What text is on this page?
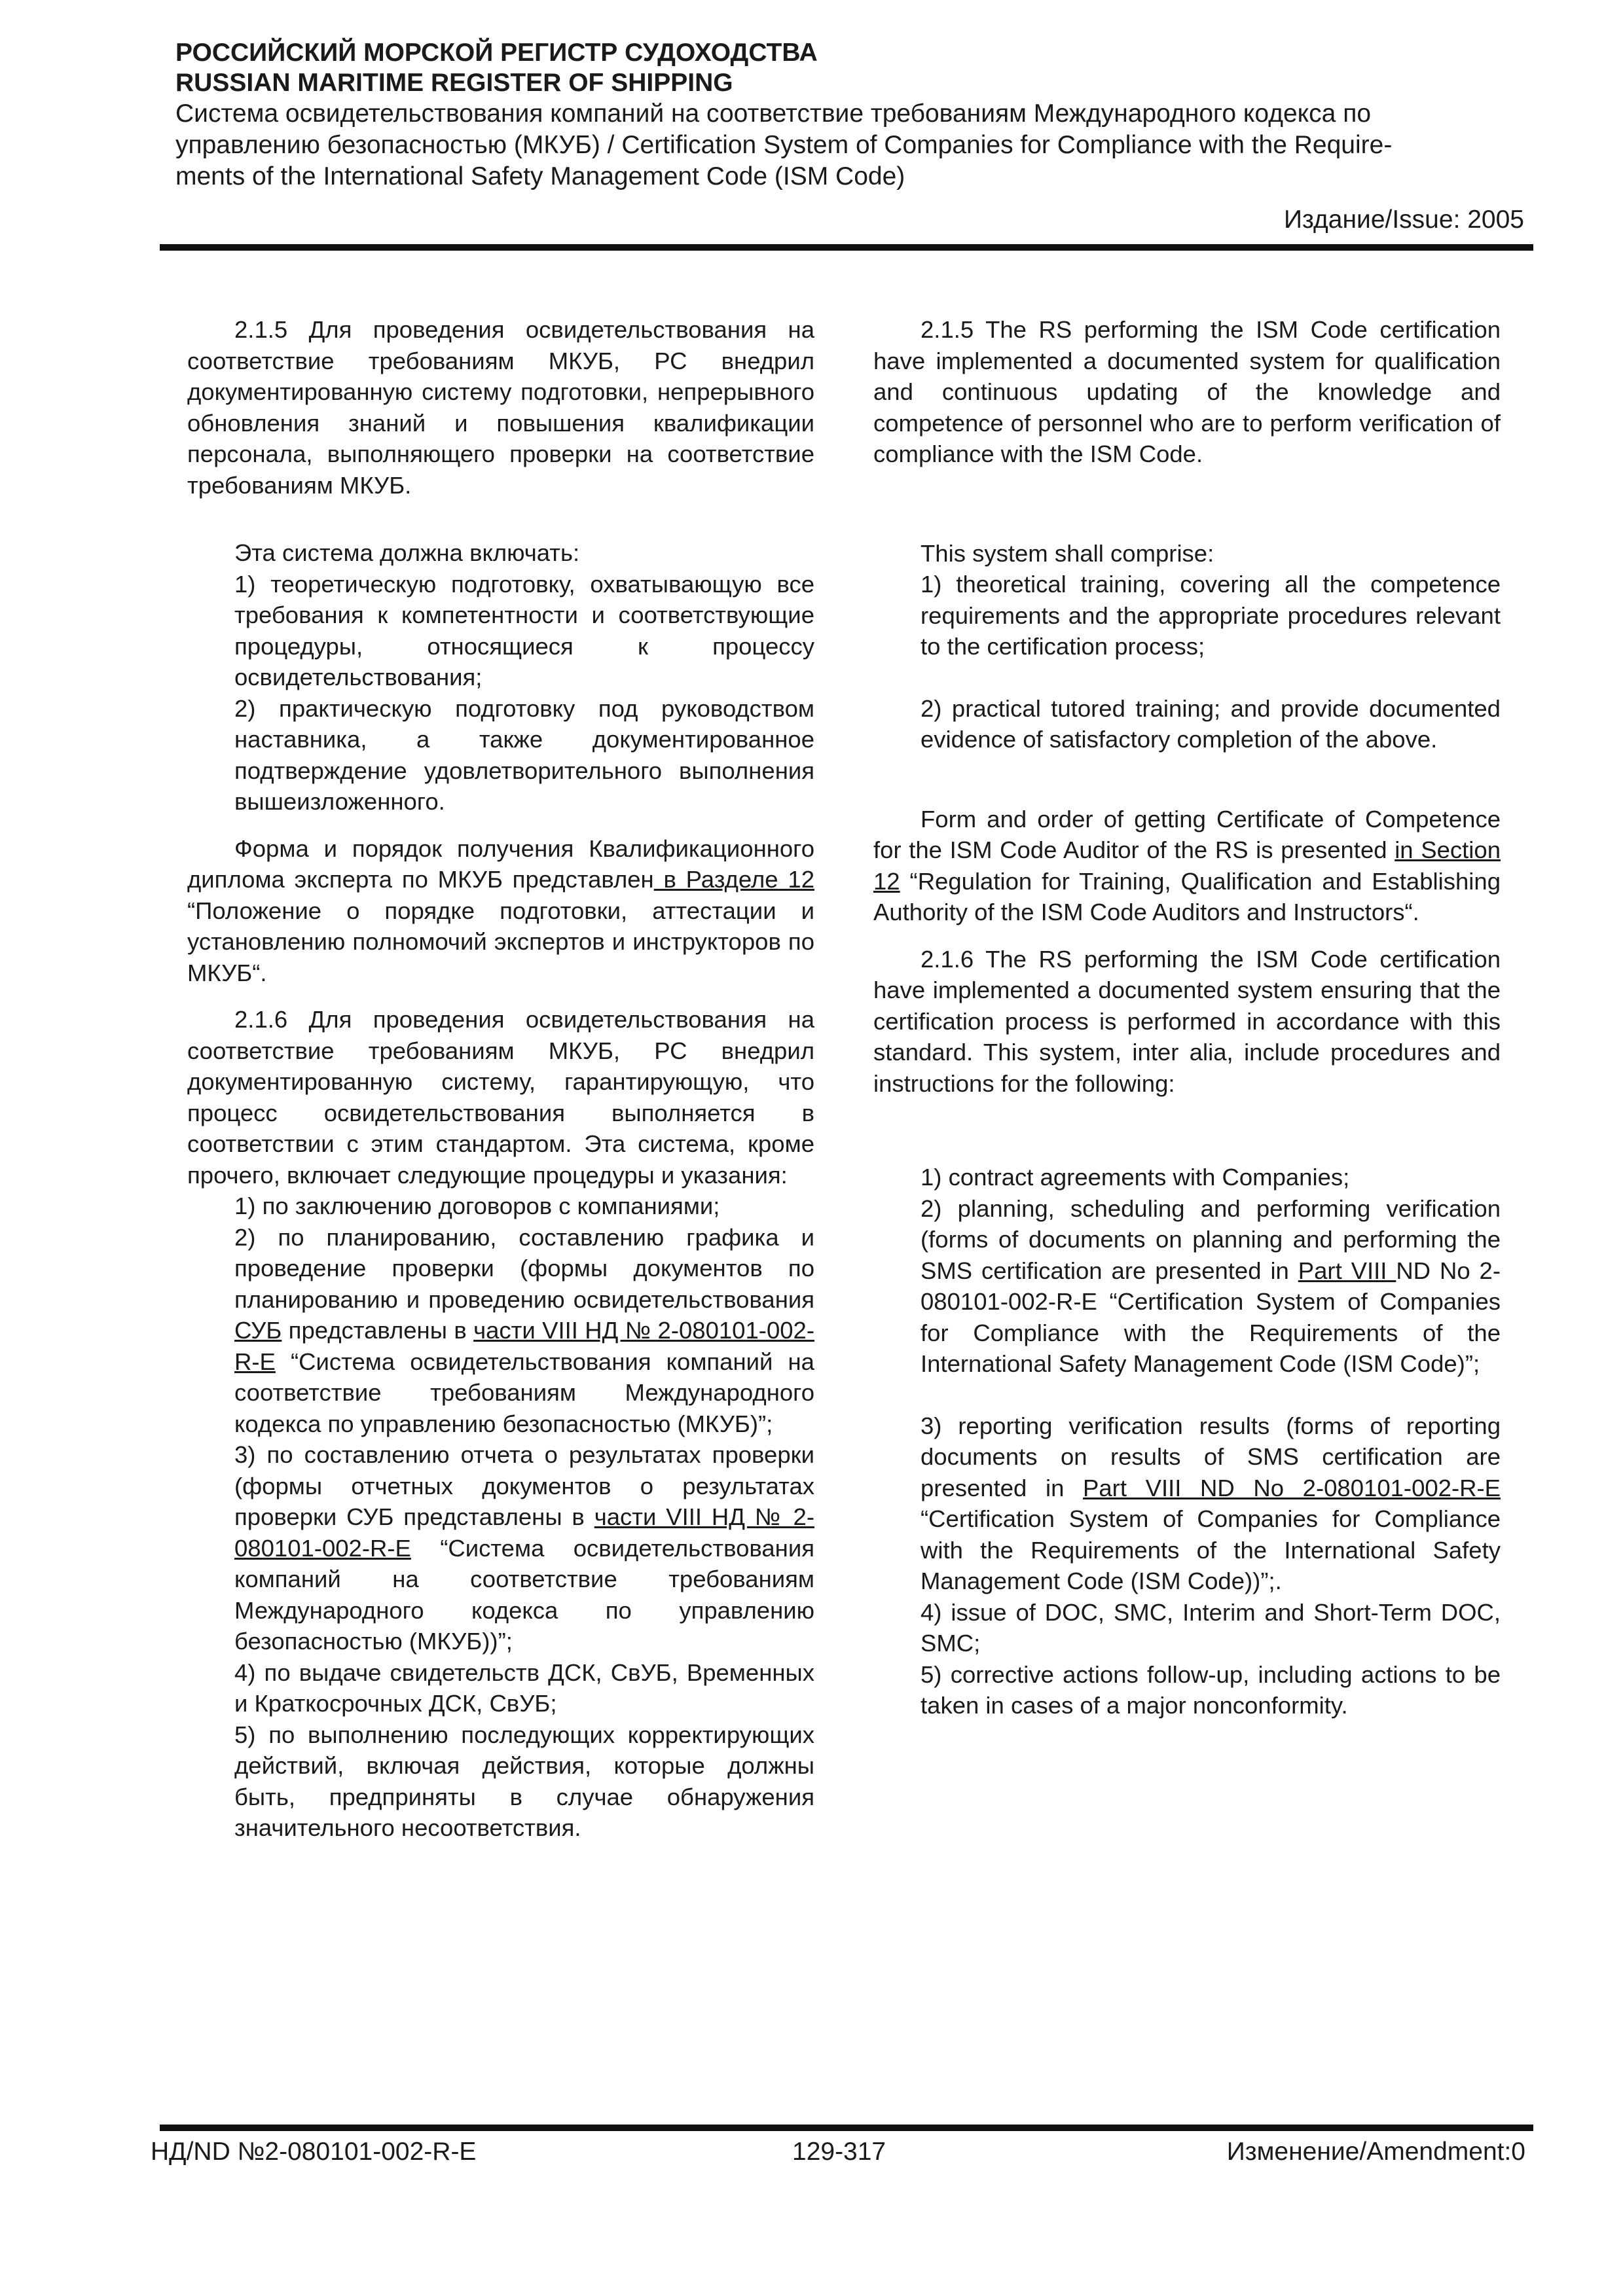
РОССИЙСКИЙ МОРСКОЙ РЕГИСТР СУДОХОДСТВА

RUSSIAN MARITIME REGISTER OF SHIPPING

Система освидетельствования компаний на соответствие требованиям Международного кодекса по

управлению безопасностью (МКУБ) / Certification System of Companies for Compliance with the Require-

ments of the International Safety Management Code (ISM Code)

Издание/Issue: 2005

2.1.5 Для проведения освидетельствования на соответствие требованиям МКУБ, РС внедрил документированную систему подготовки, непрерывного обновления знаний и повышения квалификации персонала, выполняющего проверки на соответствие требованиям МКУБ.

Эта система должна включать:

1) теоретическую подготовку, охватывающую все требования к компетентности и соответствующие процедуры, относящиеся к процессу освидетельствования;

2) практическую подготовку под руководством наставника, а также документированное подтверждение удовлетворительного выполнения вышеизложенного.

Форма и порядок получения Квалификационного диплома эксперта по МКУБ представлен в Разделе 12 “Положение о порядке подготовки, аттестации и установлению полномочий экспертов и инструкторов по МКУБ“.

2.1.6 Для проведения освидетельствования на соответствие требованиям МКУБ, РС внедрил документированную систему, гарантирующую, что процесс освидетельствования выполняется в соответствии с этим стандартом. Эта система, кроме прочего, включает следующие процедуры и указания:

1) по заключению договоров с компаниями;

2) по планированию, составлению графика и проведение проверки (формы документов по планированию и проведению освидетельствования СУБ представлены в части VIII НД № 2-080101-002-R-E “Система освидетельствования компаний на соответствие требованиям Международного кодекса по управлению безопасностью (МКУБ)”;

3) по составлению отчета о результатах проверки (формы отчетных документов о результатах проверки СУБ представлены в части VIII НД № 2-080101-002-R-E “Система освидетельствования компаний на соответствие требованиям Международного кодекса по управлению безопасностью (МКУБ))”;

4) по выдаче свидетельств ДСК, СвУБ, Временных и Краткосрочных ДСК, СвУБ;

5) по выполнению последующих корректирующих действий, включая действия, которые должны быть, предприняты в случае обнаружения значительного несоответствия.

2.1.5 The RS performing the ISM Code certification have implemented a documented system for qualification and continuous updating of the knowledge and competence of personnel who are to perform verification of compliance with the ISM Code.

This system shall comprise:

1) theoretical training, covering all the competence requirements and the appropriate procedures relevant to the certification process;

2) practical tutored training; and provide documented evidence of satisfactory completion of the above.

Form and order of getting Certificate of Competence for the ISM Code Auditor of the RS is presented in Section 12 “Regulation for Training, Qualification and Establishing Authority of the ISM Code Auditors and Instructors“.

2.1.6 The RS performing the ISM Code certification have implemented a documented system ensuring that the certification process is performed in accordance with this standard. This system, inter alia, include procedures and instructions for the following:

1) contract agreements with Companies;

2) planning, scheduling and performing verification (forms of documents on planning and performing the SMS certification are presented in Part VIII ND No 2-080101-002-R-E “Certification System of Companies for Compliance with the Requirements of the International Safety Management Code (ISM Code)”;

3) reporting verification results (forms of reporting documents on results of SMS certification are presented in Part VIII ND No 2-080101-002-R-E “Certification System of Companies for Compliance with the Requirements of the International Safety Management Code (ISM Code))”;.

4) issue of DOC, SMC, Interim and Short-Term DOC, SMC;

5) corrective actions follow-up, including actions to be taken in cases of a major nonconformity.

НД/ND №2-080101-002-R-E	129-317	Изменение/Amendment:0
